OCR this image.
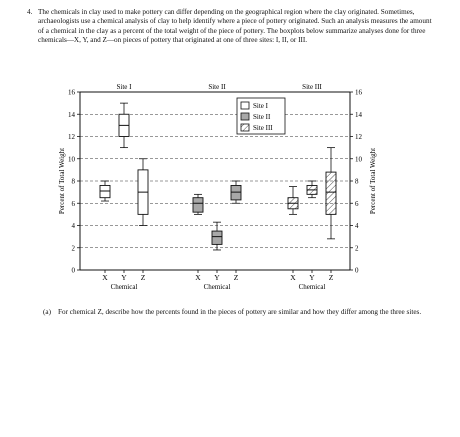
4. The chemicals in clay used to make pottery can differ depending on the geographical region where the clay originated. Sometimes, archaeologists use a chemical analysis of clay to help identify where a piece of pottery originated. Such an analysis measures the amount of a chemical in the clay as a percent of the total weight of the piece of pottery. The boxplots below summarize analyses done for three chemicals—X, Y, and Z—on pieces of pottery that originated at one of three sites: I, II, or III.
0	0
2	2
4	4
6	6
8	8
10	10
12	12
14	14
16	16
Percent of Total Weight	Percent of Total Weight
Site I
Chemical
X Y Z
Site II
Chemical
X Y Z
Site III
Chemical
X Y Z
Site I
Site II
Site III
(a) For chemical Z, describe how the percents found in the pieces of pottery are similar and how they differ among the three sites.
